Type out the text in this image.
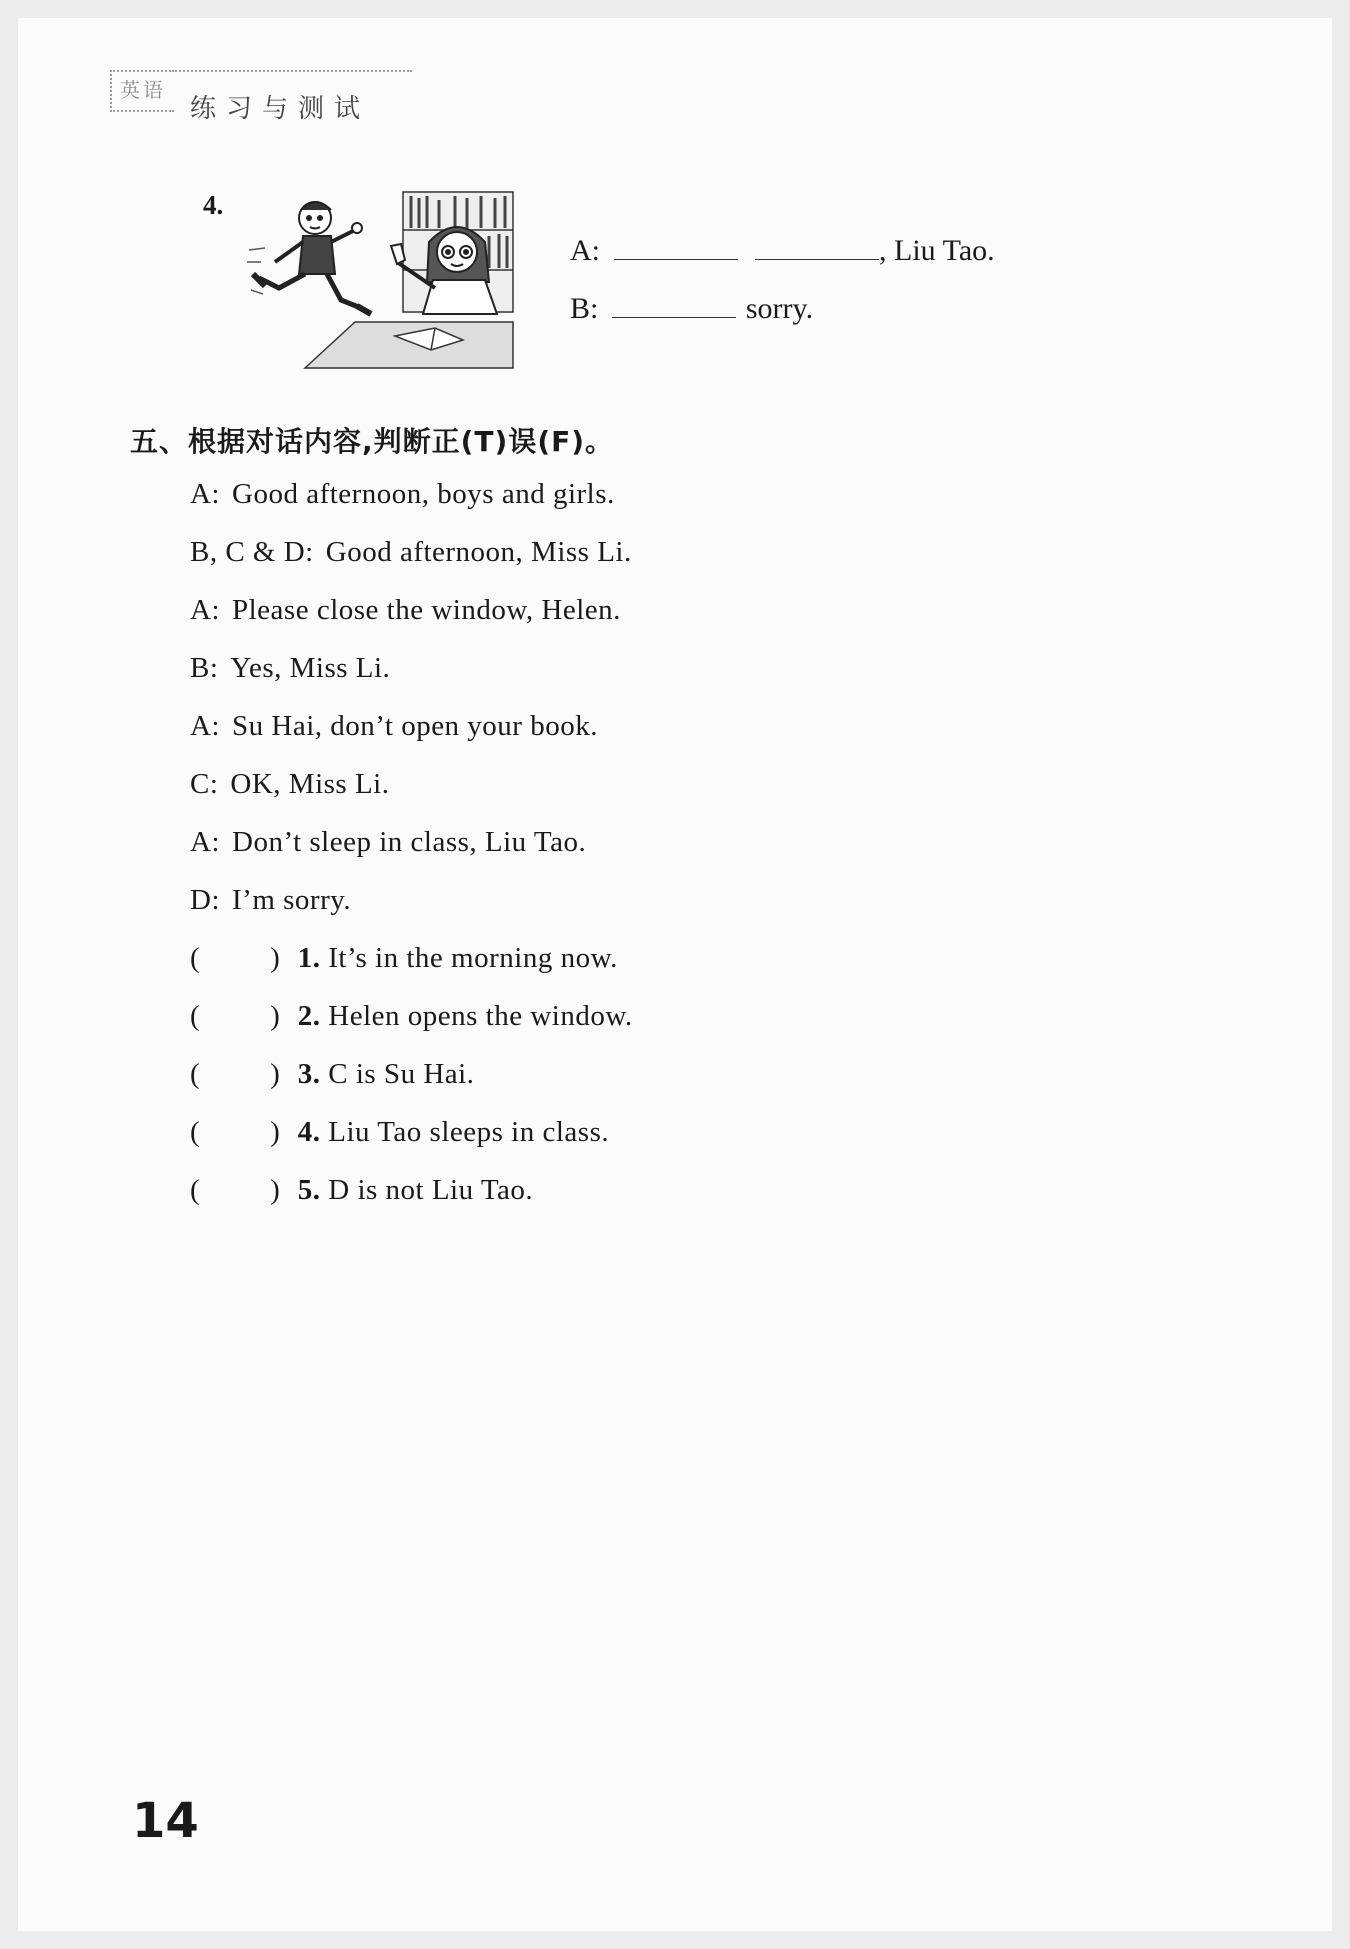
英语
练习与测试
4.
A:	, Liu Tao.
B:	sorry.
五、根据对话内容,判断正(T)误(F)。
A: Good afternoon, boys and girls.
B, C & D: Good afternoon, Miss Li.
A: Please close the window, Helen.
B: Yes, Miss Li.
A: Su Hai, don’t open your book.
C: OK, Miss Li.
A: Don’t sleep in class, Liu Tao.
D: I’m sorry.
( ) 1. It’s in the morning now.
( ) 2. Helen opens the window.
( ) 3. C is Su Hai.
( ) 4. Liu Tao sleeps in class.
( ) 5. D is not Liu Tao.
14
